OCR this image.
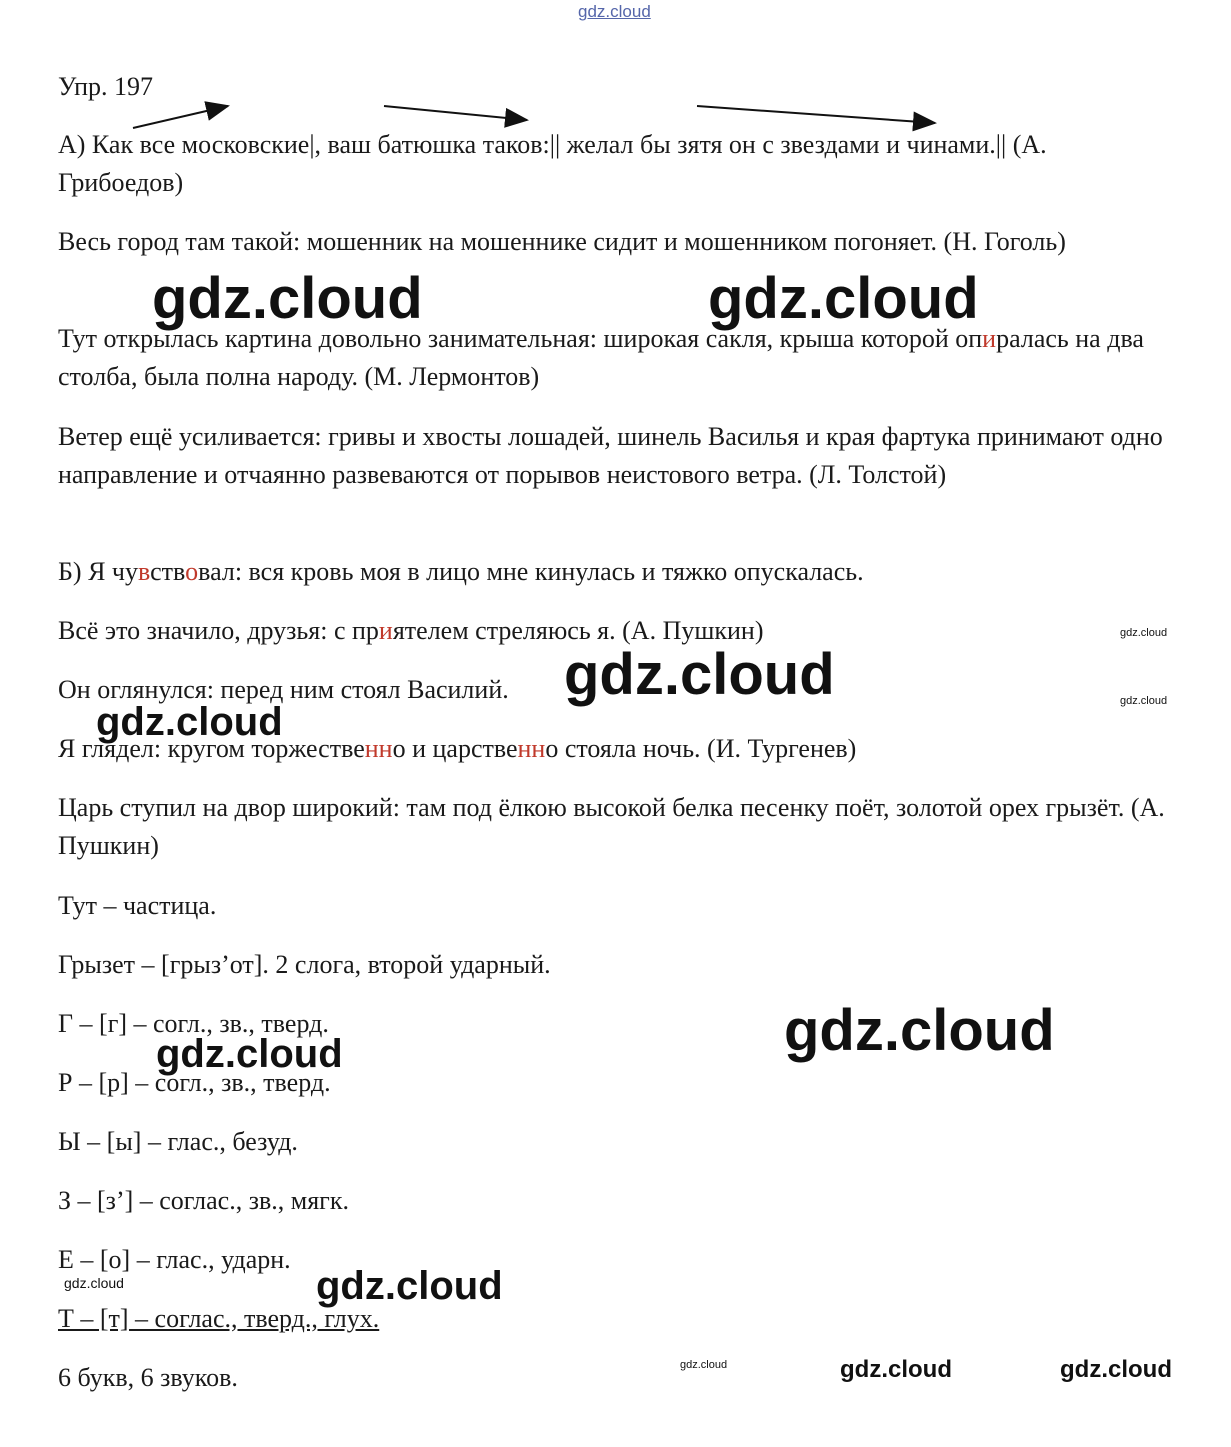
gdz.cloud
Упр. 197
А) Как все московские|, ваш батюшка таков:|| желал бы зятя он с звездами и чинами.|| (А. Грибоедов)
Весь город там такой: мошенник на мошеннике сидит и мошенником погоняет. (Н. Гоголь)
Тут открылась картина довольно занимательная: широкая сакля, крыша которой опиралась на два столба, была полна народу. (М. Лермонтов)
Ветер ещё усиливается: гривы и хвосты лошадей, шинель Василья и края фартука принимают одно направление и отчаянно развеваются от порывов неистового ветра. (Л. Толстой)
Б) Я чувствовал: вся кровь моя в лицо мне кинулась и тяжко опускалась.
Всё это значило, друзья: с приятелем стреляюсь я. (А. Пушкин)
Он оглянулся: перед ним стоял Василий.
Я глядел: кругом торжественно и царственно стояла ночь. (И. Тургенев)
Царь ступил на двор широкий: там под ёлкою высокой белка песенку поёт, золотой орех грызёт. (А. Пушкин)
Тут – частица.
Грызет – [грыз’от]. 2 слога, второй ударный.
Г – [г] – согл., зв., тверд.
Р – [р] – согл., зв., тверд.
Ы – [ы] – глас., безуд.
З – [з’] – соглас., зв., мягк.
Е – [о] – глас., ударн.
Т – [т] – соглас., тверд., глух.
6 букв, 6 звуков.
gdz.cloud	gdz.cloud
gdz.cloud
gdz.cloud	gdz.cloud
gdz.cloud
gdz.cloud
gdz.cloud
gdz.cloud	gdz.cloud
gdz.cloud	gdz.cloud	gdz.cloud
